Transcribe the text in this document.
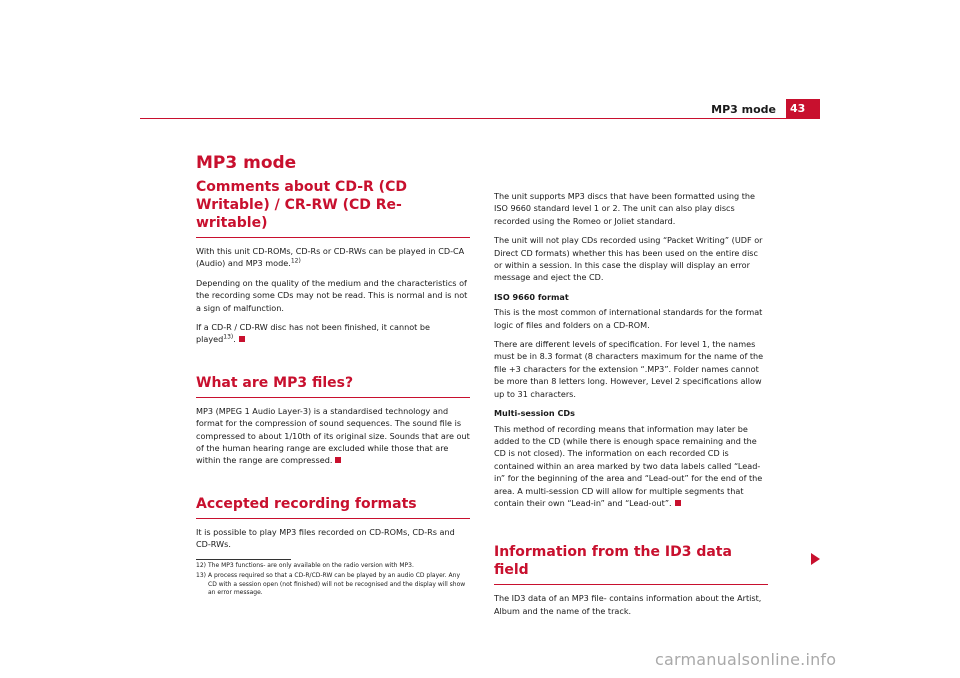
MP3 mode	43
MP3 mode
Comments about CD-R (CD Writable) / CR-RW (CD Re-writable)

With this unit CD-ROMs, CD-Rs or CD-RWs can be played in CD-CA (Audio) and MP3 mode.$^{12)}$

Depending on the quality of the medium and the characteristics of the recording some CDs may not be read. This is normal and is not a sign of malfunction.

If a CD-R / CD-RW disc has not been finished, it cannot be played$^{13)}$.

What are MP3 files?

MP3 (MPEG 1 Audio Layer-3) is a standardised technology and format for the compression of sound sequences. The sound file is compressed to about 1/10th of its original size. Sounds that are out of the human hearing range are excluded while those that are within the range are compressed.

Accepted recording formats

It is possible to play MP3 files recorded on CD-ROMs, CD-Rs and CD-RWs.

12) The MP3 functions- are only available on the radio version with MP3.
13) A process required so that a CD-R/CD-RW can be played by an audio CD player. Any CD with a session open (not finished) will not be recognised and the display will show an error message.

The unit supports MP3 discs that have been formatted using the ISO 9660 standard level 1 or 2. The unit can also play discs recorded using the Romeo or Joliet standard.

The unit will not play CDs recorded using “Packet Writing” (UDF or Direct CD formats) whether this has been used on the entire disc or within a session. In this case the display will display an error message and eject the CD.

ISO 9660 format

This is the most common of international standards for the format logic of files and folders on a CD-ROM.

There are different levels of specification. For level 1, the names must be in 8.3 format (8 characters maximum for the name of the file +3 characters for the extension “.MP3”. Folder names cannot be more than 8 letters long. However, Level 2 specifications allow up to 31 characters.

Multi-session CDs

This method of recording means that information may later be added to the CD (while there is enough space remaining and the CD is not closed). The information on each recorded CD is contained within an area marked by two data labels called “Lead-in” for the beginning of the area and “Lead-out” for the end of the area. A multi-session CD will allow for multiple segments that contain their own “Lead-in” and “Lead-out”.

Information from the ID3 data field

The ID3 data of an MP3 file- contains information about the Artist, Album and the name of the track.

carmanualsonline.info
